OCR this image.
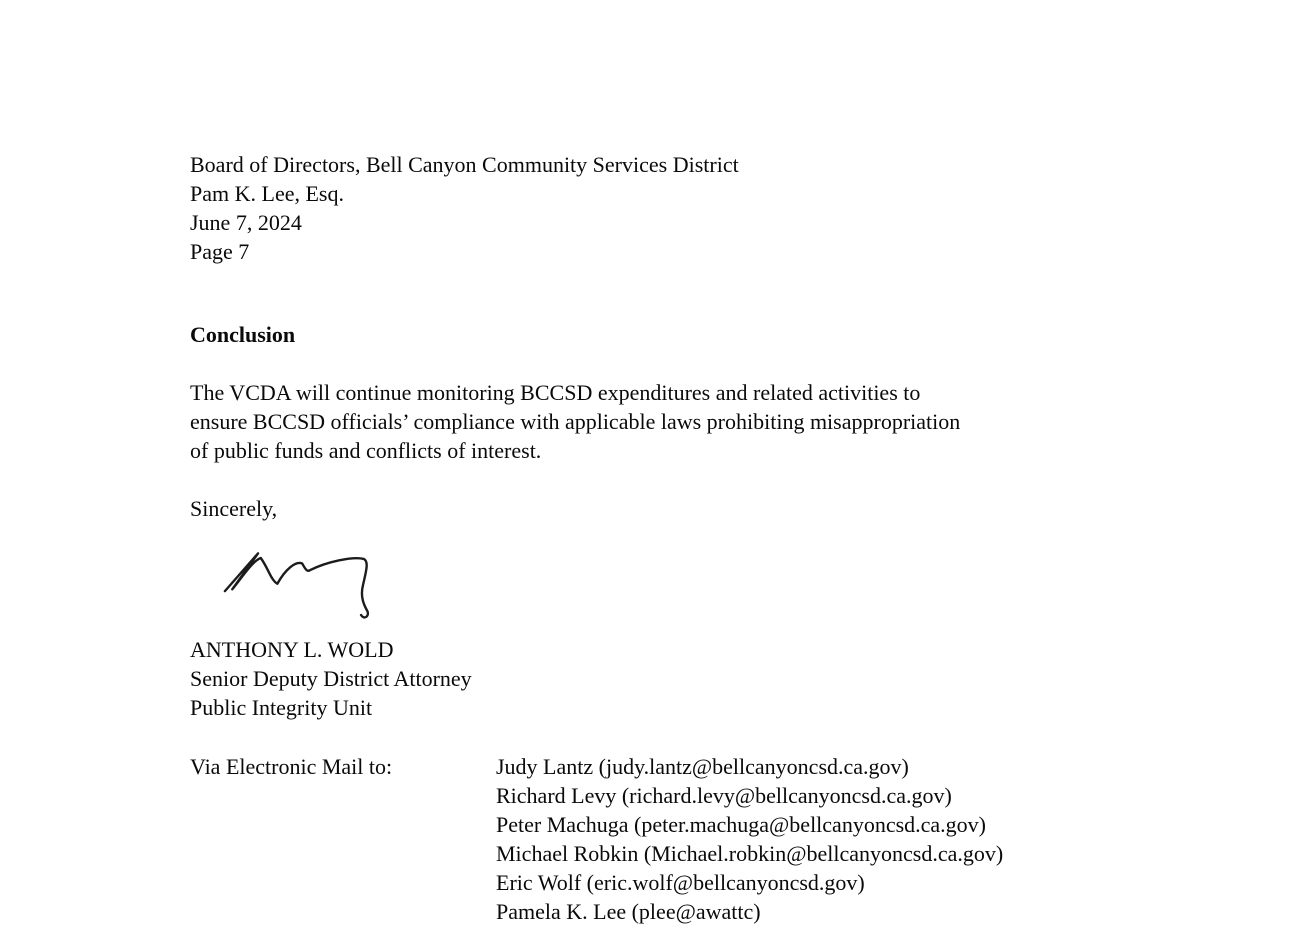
Board of Directors, Bell Canyon Community Services District
Pam K. Lee, Esq.
June 7, 2024
Page 7
Conclusion
The VCDA will continue monitoring BCCSD expenditures and related activities to
ensure BCCSD officials’ compliance with applicable laws prohibiting misappropriation
of public funds and conflicts of interest.
Sincerely,
ANTHONY L. WOLD
Senior Deputy District Attorney
Public Integrity Unit
Via Electronic Mail to:	Judy Lantz (judy.lantz@bellcanyoncsd.ca.gov)
Richard Levy (richard.levy@bellcanyoncsd.ca.gov)
Peter Machuga (peter.machuga@bellcanyoncsd.ca.gov)
Michael Robkin (Michael.robkin@bellcanyoncsd.ca.gov)
Eric Wolf (eric.wolf@bellcanyoncsd.gov)
Pamela K. Lee (plee@awattc)
